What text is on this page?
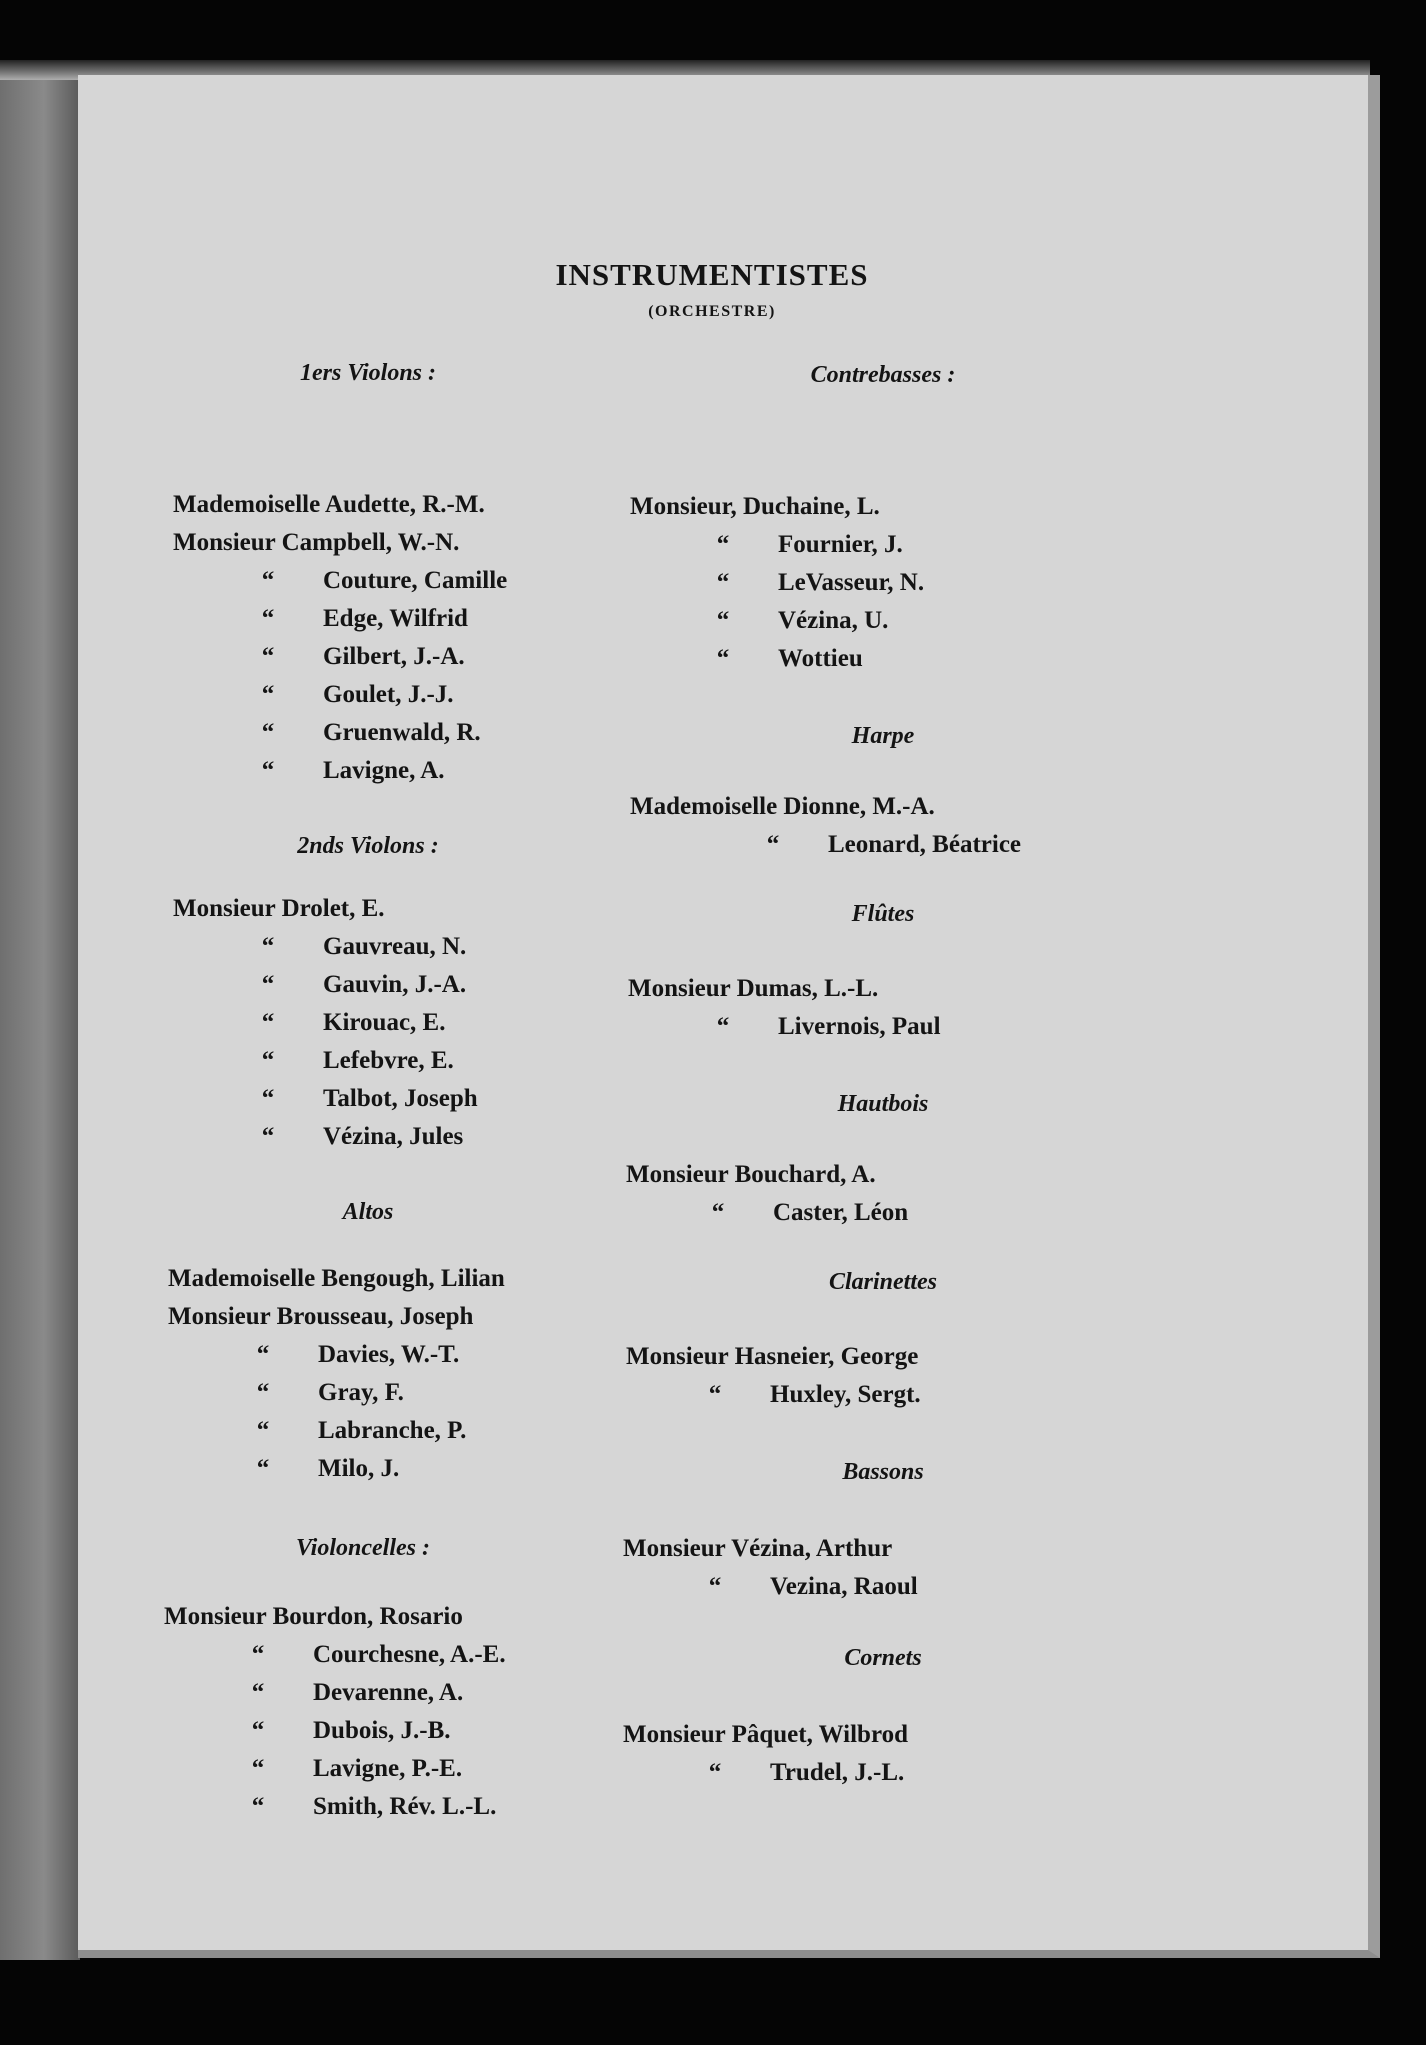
INSTRUMENTISTES
(ORCHESTRE)
1ers Violons :
Mademoiselle Audette, R.-M.
Monsieur Campbell, W.-N.
“ Couture, Camille
“ Edge, Wilfrid
“ Gilbert, J.-A.
“ Goulet, J.-J.
“ Gruenwald, R.
“ Lavigne, A.
2nds Violons :
Monsieur Drolet, E.
“ Gauvreau, N.
“ Gauvin, J.-A.
“ Kirouac, E.
“ Lefebvre, E.
“ Talbot, Joseph
“ Vézina, Jules
Altos
Mademoiselle Bengough, Lilian
Monsieur Brousseau, Joseph
“ Davies, W.-T.
“ Gray, F.
“ Labranche, P.
“ Milo, J.
Violoncelles :
Monsieur Bourdon, Rosario
“ Courchesne, A.-E.
“ Devarenne, A.
“ Dubois, J.-B.
“ Lavigne, P.-E.
“ Smith, Rév. L.-L.
Contrebasses :
Monsieur, Duchaine, L.
“ Fournier, J.
“ LeVasseur, N.
“ Vézina, U.
“ Wottieu
Harpe
Mademoiselle Dionne, M.-A.
“ Leonard, Béatrice
Flûtes
Monsieur Dumas, L.-L.
“ Livernois, Paul
Hautbois
Monsieur Bouchard, A.
“ Caster, Léon
Clarinettes
Monsieur Hasneier, George
“ Huxley, Sergt.
Bassons
Monsieur Vézina, Arthur
“ Vezina, Raoul
Cornets
Monsieur Pâquet, Wilbrod
“ Trudel, J.-L.
